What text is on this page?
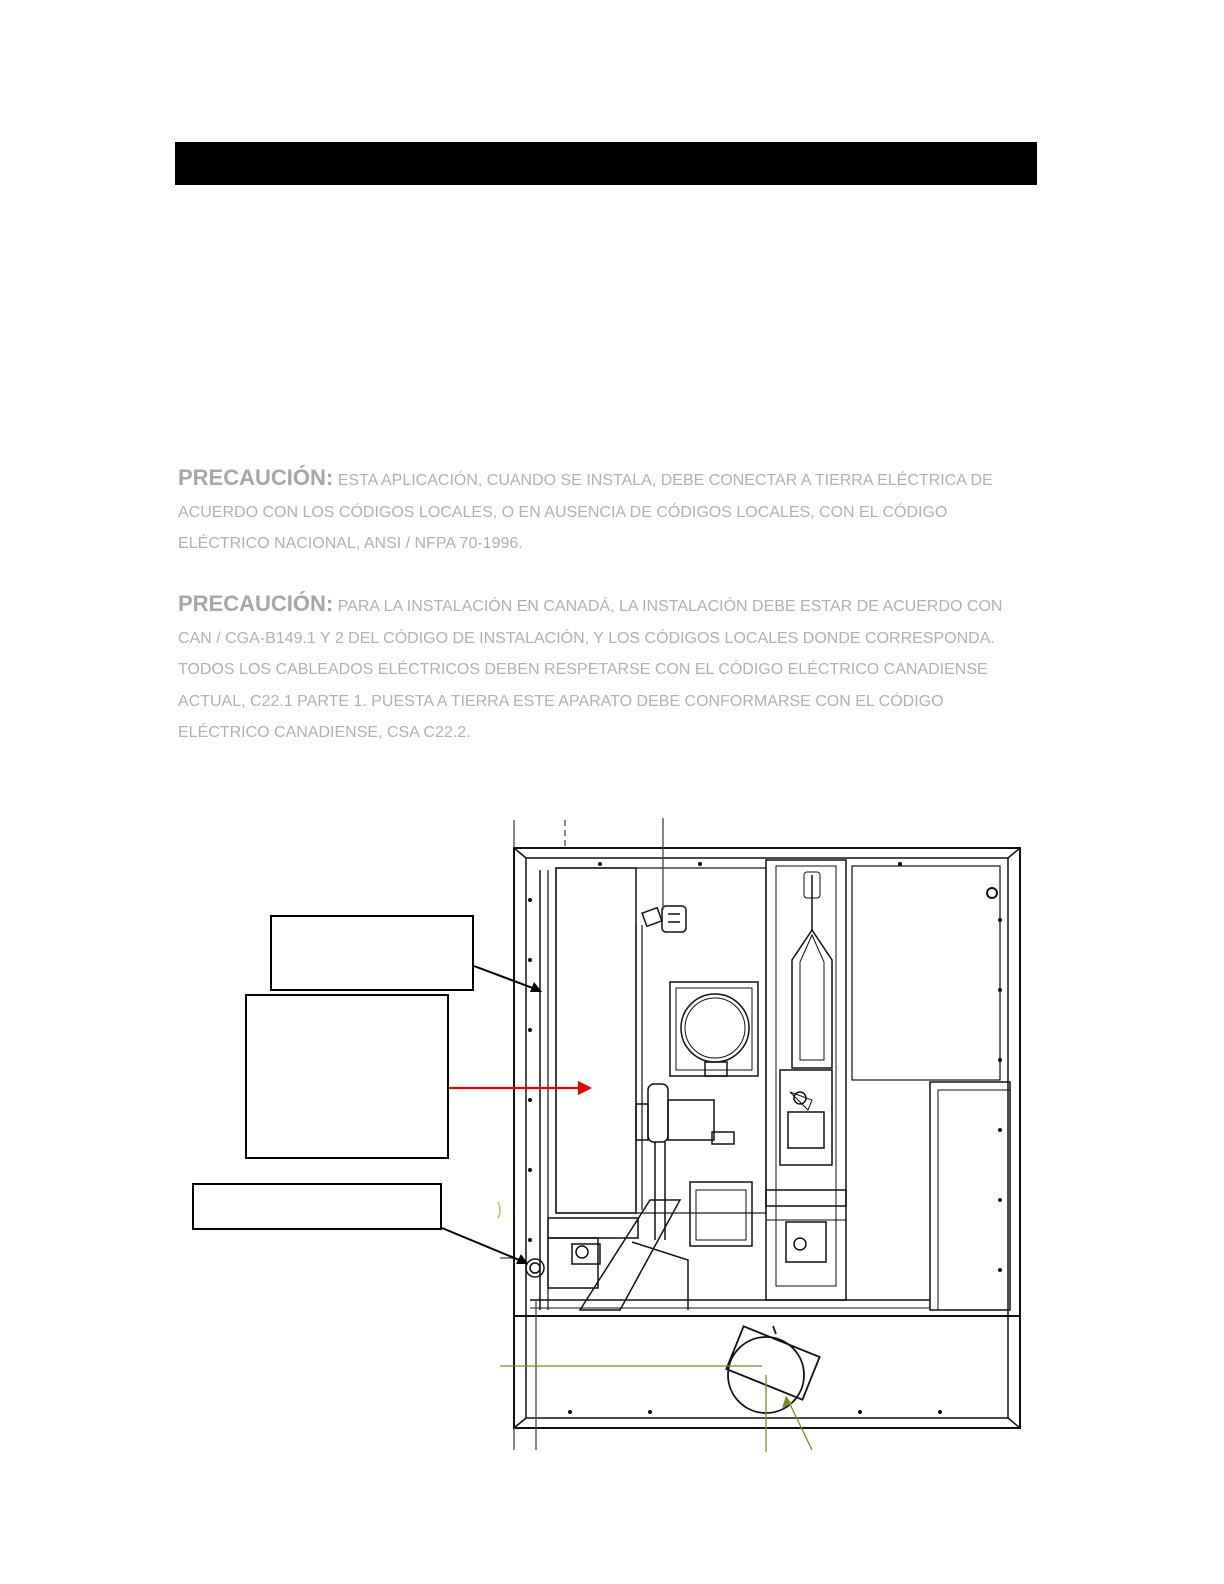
PRECAUCIÓN: ESTA APLICACIÓN, CUANDO SE INSTALA, DEBE CONECTAR A TIERRA ELÉCTRICA DE ACUERDO CON LOS CÓDIGOS LOCALES, O EN AUSENCIA DE CÓDIGOS LOCALES, CON EL CÓDIGO ELÉCTRICO NACIONAL, ANSI / NFPA 70-1996.
PRECAUCIÓN: PARA LA INSTALACIÓN EN CANADÁ, LA INSTALACIÓN DEBE ESTAR DE ACUERDO CON CAN / CGA-B149.1 Y 2 DEL CÓDIGO DE INSTALACIÓN, Y LOS CÓDIGOS LOCALES DONDE CORRESPONDA. TODOS LOS CABLEADOS ELÉCTRICOS DEBEN RESPETARSE CON EL CÓDIGO ELÉCTRICO CANADIENSE ACTUAL, C22.1 PARTE 1. PUESTA A TIERRA ESTE APARATO DEBE CONFORMARSE CON EL CÓDIGO ELÉCTRICO CANADIENSE, CSA C22.2.
